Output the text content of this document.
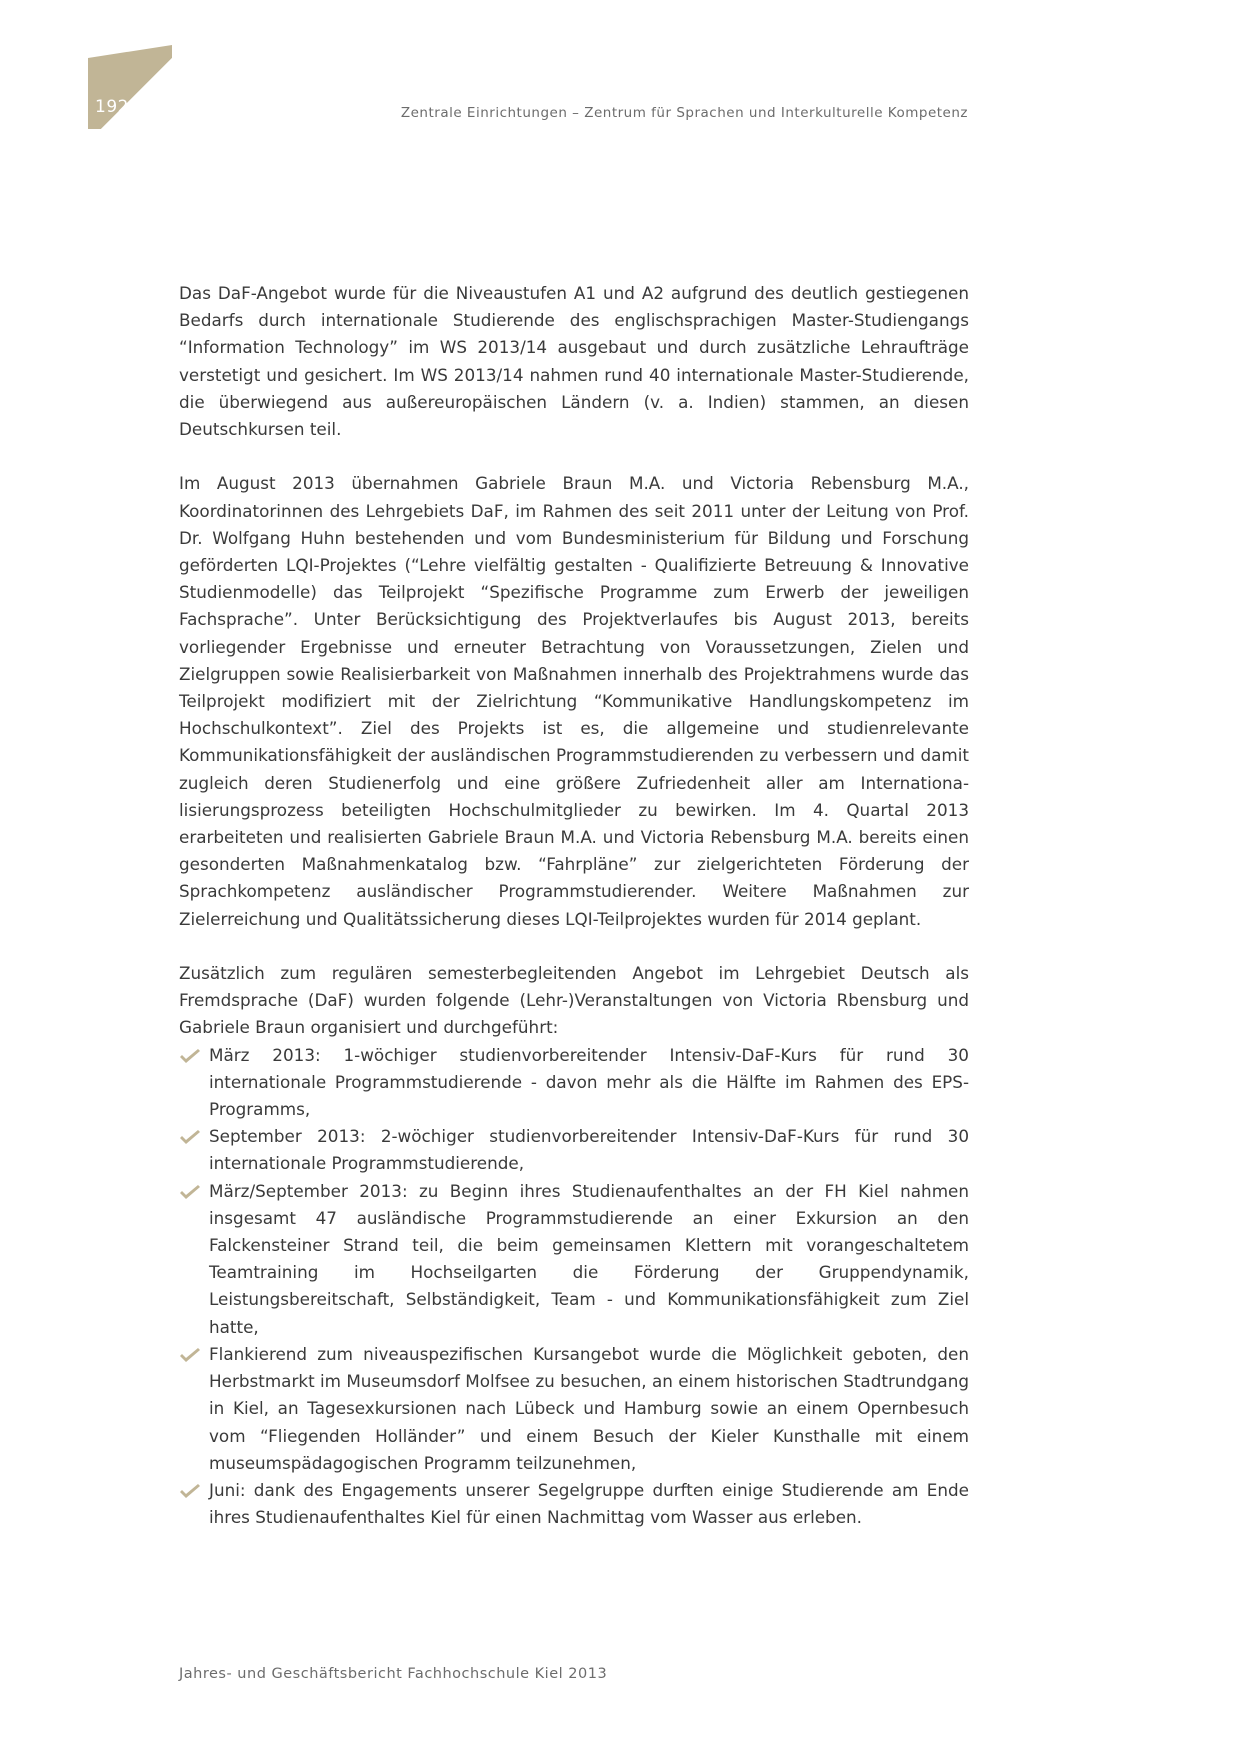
192	Zentrale Einrichtungen – Zentrum für Sprachen und Interkulturelle Kompetenz

Das DaF-Angebot wurde für die Niveaustufen A1 und A2 aufgrund des deutlich gestiegenen Bedarfs durch internationale Studierende des englischsprachigen Master-Studiengangs “Information Technology” im WS 2013/14 ausgebaut und durch zusätzliche Lehraufträge verstetigt und gesichert. Im WS 2013/14 nahmen rund 40 internationale Master-Studierende, die überwiegend aus außereuropäischen Ländern (v. a. Indien) stammen, an diesen Deutschkursen teil.

Im August 2013 übernahmen Gabriele Braun M.A. und Victoria Rebensburg M.A., Koordinatorinnen des Lehrgebiets DaF, im Rahmen des seit 2011 unter der Leitung von Prof. Dr. Wolfgang Huhn bestehenden und vom Bundesministerium für Bildung und Forschung geförderten LQI-Projektes (“Lehre vielfältig gestalten - Qualifizierte Betreuung & Innovative Studienmodelle) das Teilprojekt “Spezifische Programme zum Erwerb der jeweiligen Fachsprache”. Unter Berücksichtigung des Projektverlaufes bis August 2013, bereits vorliegender Ergebnisse und erneuter Betrachtung von Voraussetzungen, Zielen und Zielgruppen sowie Realisierbarkeit von Maßnahmen innerhalb des Projektrahmens wurde das Teilprojekt modifiziert mit der Zielrichtung “Kommunikative Handlungskompetenz im Hochschulkontext”. Ziel des Projekts ist es, die allgemeine und studienrelevante Kommunikationsfähigkeit der ausländischen Programmstudierenden zu verbessern und damit zugleich deren Studienerfolg und eine größere Zufriedenheit aller am Internationalisierungsprozess beteiligten Hochschulmitglieder zu bewirken. Im 4. Quartal 2013 erarbeiteten und realisierten Gabriele Braun M.A. und Victoria Rebensburg M.A. bereits einen gesonderten Maßnahmenkatalog bzw. “Fahrpläne” zur zielgerichteten Förderung der Sprachkompetenz ausländischer Programmstudierender. Weitere Maßnahmen zur Zielerreichung und Qualitätssicherung dieses LQI-Teilprojektes wurden für 2014 geplant.

Zusätzlich zum regulären semesterbegleitenden Angebot im Lehrgebiet Deutsch als Fremdsprache (DaF) wurden folgende (Lehr-)Veranstaltungen von Victoria Rbensburg und Gabriele Braun organisiert und durchgeführt:

März 2013: 1-wöchiger studienvorbereitender Intensiv-DaF-Kurs für rund 30 internationale Programmstudierende - davon mehr als die Hälfte im Rahmen des EPS-Programms,
September 2013: 2-wöchiger studienvorbereitender Intensiv-DaF-Kurs für rund 30 internationale Programmstudierende,
März/September 2013: zu Beginn ihres Studienaufenthaltes an der FH Kiel nahmen insgesamt 47 ausländische Programmstudierende an einer Exkursion an den Falckensteiner Strand teil, die beim gemeinsamen Klettern mit vorangeschaltetem Teamtraining im Hochseilgarten die Förderung der Gruppendynamik, Leistungsbereitschaft, Selbständigkeit, Team - und Kommunikationsfähigkeit zum Ziel hatte,
Flankierend zum niveauspezifischen Kursangebot wurde die Möglichkeit geboten, den Herbstmarkt im Museumsdorf Molfsee zu besuchen, an einem historischen Stadtrundgang in Kiel, an Tagesexkursionen nach Lübeck und Hamburg sowie an einem Opernbesuch vom “Fliegenden Holländer” und einem Besuch der Kieler Kunsthalle mit einem museumspädagogischen Programm teilzunehmen,
Juni: dank des Engagements unserer Segelgruppe durften einige Studierende am Ende ihres Studienaufenthaltes Kiel für einen Nachmittag vom Wasser aus erleben.
Jahres- und Geschäftsbericht Fachhochschule Kiel 2013
